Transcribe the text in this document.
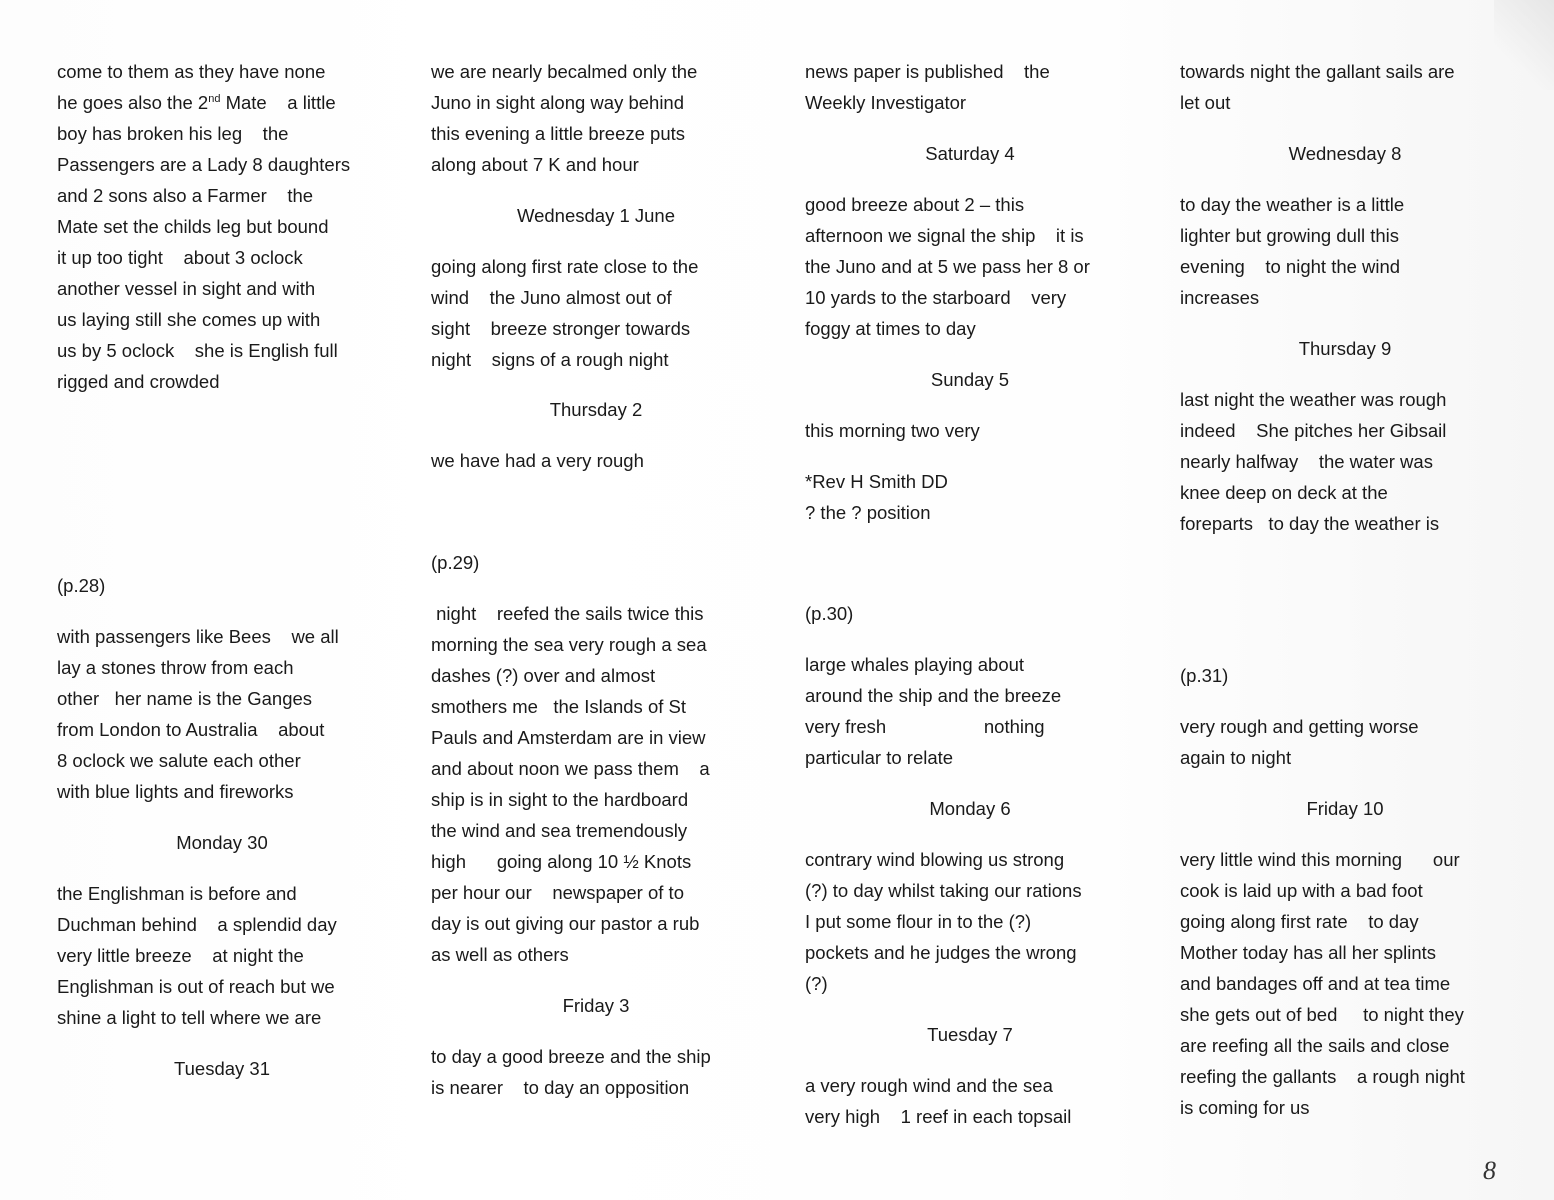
come to them as they have none
he goes also the 2nd Mate    a little
boy has broken his leg    the
Passengers are a Lady 8 daughters
and 2 sons also a Farmer    the
Mate set the childs leg but bound
it up too tight    about 3 oclock
another vessel in sight and with
us laying still she comes up with
us by 5 oclock    she is English full
rigged and crowded
(p.28)
with passengers like Bees    we all
lay a stones throw from each
other   her name is the Ganges
from London to Australia    about
8 oclock we salute each other
with blue lights and fireworks
Monday 30
the Englishman is before and
Duchman behind    a splendid day
very little breeze    at night the
Englishman is out of reach but we
shine a light to tell where we are
Tuesday 31
we are nearly becalmed only the
Juno in sight along way behind
this evening a little breeze puts
along about 7 K and hour
Wednesday 1 June
going along first rate close to the
wind    the Juno almost out of
sight    breeze stronger towards
night    signs of a rough night
Thursday 2
we have had a very rough
(p.29)
night    reefed the sails twice this
morning the sea very rough a sea
dashes (?) over and almost
smothers me   the Islands of St
Pauls and Amsterdam are in view
and about noon we pass them    a
ship is in sight to the hardboard
the wind and sea tremendously
high      going along 10 ½ Knots
per hour our    newspaper of to
day is out giving our pastor a rub
as well as others
Friday 3
to day a good breeze and the ship
is nearer    to day an opposition
news paper is published    the
Weekly Investigator
Saturday 4
good breeze about 2 – this
afternoon we signal the ship    it is
the Juno and at 5 we pass her 8 or
10 yards to the starboard    very
foggy at times to day
Sunday 5
this morning two very
*Rev H Smith DD
? the ? position
(p.30)
large whales playing about
around the ship and the breeze
very fresh                   nothing
particular to relate
Monday 6
contrary wind blowing us strong
(?) to day whilst taking our rations
I put some flour in to the (?)
pockets and he judges the wrong
(?)
Tuesday 7
a very rough wind and the sea
very high    1 reef in each topsail
towards night the gallant sails are
let out
Wednesday 8
to day the weather is a little
lighter but growing dull this
evening    to night the wind
increases
Thursday 9
last night the weather was rough
indeed    She pitches her Gibsail
nearly halfway    the water was
knee deep on deck at the
foreparts   to day the weather is
(p.31)
very rough and getting worse
again to night
Friday 10
very little wind this morning      our
cook is laid up with a bad foot
going along first rate    to day
Mother today has all her splints
and bandages off and at tea time
she gets out of bed     to night they
are reefing all the sails and close
reefing the gallants    a rough night
is coming for us
8
